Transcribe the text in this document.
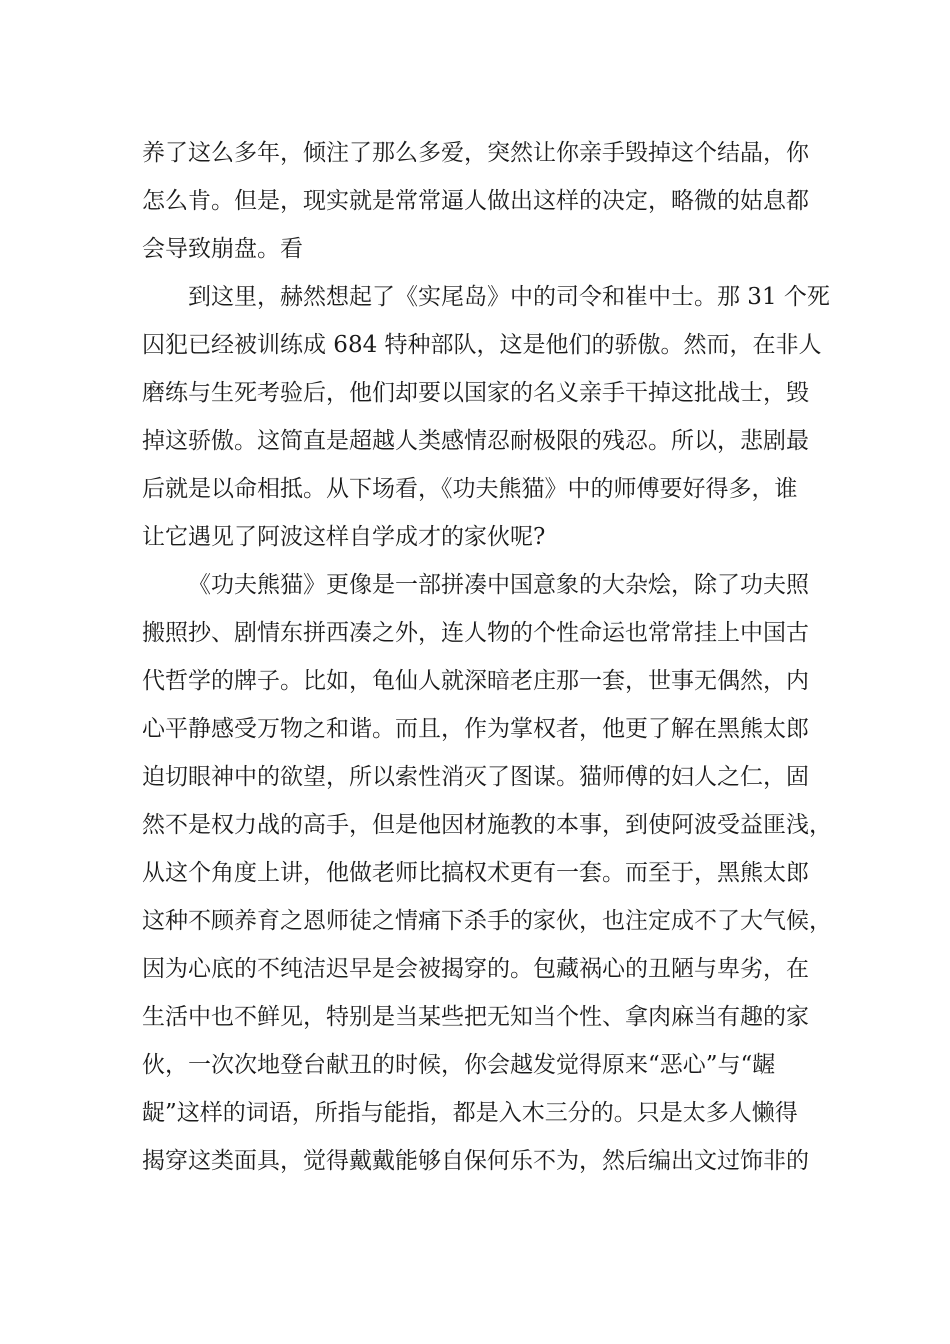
养了这么多年，倾注了那么多爱，突然让你亲手毁掉这个结晶，你
怎么肯。但是，现实就是常常逼人做出这样的决定，略微的姑息都
会导致崩盘。看
到这里，赫然想起了《实尾岛》中的司令和崔中士。那 31 个死
囚犯已经被训练成 684 特种部队，这是他们的骄傲。然而，在非人
磨练与生死考验后，他们却要以国家的名义亲手干掉这批战士，毁
掉这骄傲。这简直是超越人类感情忍耐极限的残忍。所以，悲剧最
后就是以命相抵。从下场看，《功夫熊猫》中的师傅要好得多，谁
让它遇见了阿波这样自学成才的家伙呢?
《功夫熊猫》更像是一部拼凑中国意象的大杂烩，除了功夫照
搬照抄、剧情东拼西凑之外，连人物的个性命运也常常挂上中国古
代哲学的牌子。比如，龟仙人就深暗老庄那一套，世事无偶然，内
心平静感受万物之和谐。而且，作为掌权者，他更了解在黑熊太郎
迫切眼神中的欲望，所以索性消灭了图谋。猫师傅的妇人之仁，固
然不是权力战的高手，但是他因材施教的本事，到使阿波受益匪浅，
从这个角度上讲，他做老师比搞权术更有一套。而至于，黑熊太郎
这种不顾养育之恩师徒之情痛下杀手的家伙，也注定成不了大气候，
因为心底的不纯洁迟早是会被揭穿的。包藏祸心的丑陋与卑劣，在
生活中也不鲜见，特别是当某些把无知当个性、拿肉麻当有趣的家
伙，一次次地登台献丑的时候，你会越发觉得原来“恶心”与“龌
龊”这样的词语，所指与能指，都是入木三分的。只是太多人懒得
揭穿这类面具，觉得戴戴能够自保何乐不为，然后编出文过饰非的
